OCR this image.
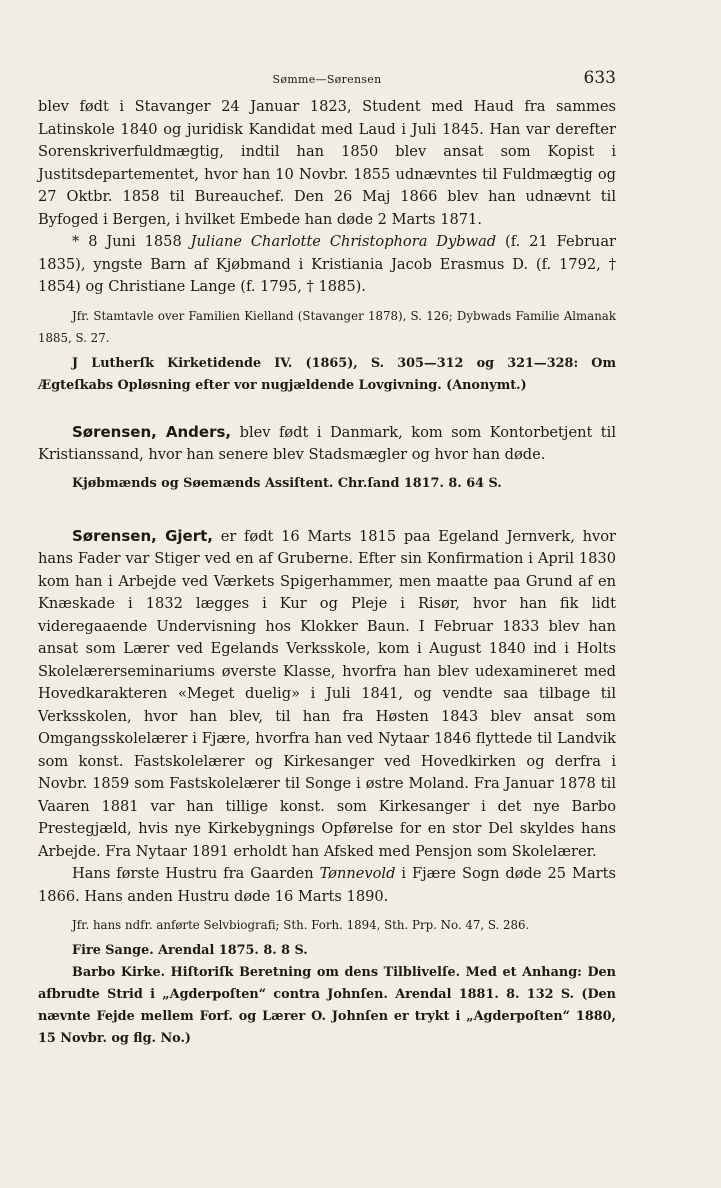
Sømme—Sørensen	633

blev født i Stavanger 24 Januar 1823, Student med Haud fra sammes Latinskole 1840 og juridisk Kandidat med Laud i Juli 1845. Han var derefter Sorenskriverfuldmægtig, indtil han 1850 blev ansat som Kopist i Justitsdepartementet, hvor han 10 Novbr. 1855 udnævntes til Fuldmægtig og 27 Oktbr. 1858 til Bureauchef. Den 26 Maj 1866 blev han udnævnt til Byfoged i Bergen, i hvilket Embede han døde 2 Marts 1871.

* 8 Juni 1858 Juliane Charlotte Christophora Dybwad (f. 21 Februar 1835), yngste Barn af Kjøbmand i Kristiania Jacob Erasmus D. (f. 1792, † 1854) og Christiane Lange (f. 1795, † 1885).

Jfr. Stamtavle over Familien Kielland (Stavanger 1878), S. 126; Dybwads Familie Almanak 1885, S. 27.

J Lutherſk Kirketidende IV. (1865), S. 305—312 og 321—328: Om Ægteſkabs Opløsning efter vor nugjældende Lovgivning. (Anonymt.)

Sørensen, Anders, blev født i Danmark, kom som Kontorbetjent til Kristianssand, hvor han senere blev Stadsmægler og hvor han døde.

Kjøbmænds og Søemænds Assiſtent. Chr.ſand 1817. 8. 64 S.

Sørensen, Gjert, er født 16 Marts 1815 paa Egeland Jernverk, hvor hans Fader var Stiger ved en af Gruberne. Efter sin Konfirmation i April 1830 kom han i Arbejde ved Værkets Spigerhammer, men maatte paa Grund af en Knæskade i 1832 lægges i Kur og Pleje i Risør, hvor han fik lidt videregaaende Undervisning hos Klokker Baun. I Februar 1833 blev han ansat som Lærer ved Egelands Verksskole, kom i August 1840 ind i Holts Skolelærerseminariums øverste Klasse, hvorfra han blev udexamineret med Hovedkarakteren «Meget duelig» i Juli 1841, og vendte saa tilbage til Verksskolen, hvor han blev, til han fra Høsten 1843 blev ansat som Omgangsskolelærer i Fjære, hvorfra han ved Nytaar 1846 flyttede til Landvik som konst. Fastskolelærer og Kirkesanger ved Hovedkirken og derfra i Novbr. 1859 som Fastskolelærer til Songe i østre Moland. Fra Januar 1878 til Vaaren 1881 var han tillige konst. som Kirkesanger i det nye Barbo Prestegjæld, hvis nye Kirkebygnings Opførelse for en stor Del skyldes hans Arbejde. Fra Nytaar 1891 erholdt han Afsked med Pensjon som Skolelærer.

Hans første Hustru fra Gaarden Tønnevold i Fjære Sogn døde 25 Marts 1866. Hans anden Hustru døde 16 Marts 1890.

Jfr. hans ndfr. anførte Selvbiografi; Sth. Forh. 1894, Sth. Prp. No. 47, S. 286.

Fire Sange. Arendal 1875. 8. 8 S.

Barbo Kirke. Hiſtoriſk Beretning om dens Tilblivelſe. Med et Anhang: Den afbrudte Strid i „Agderpoſten“ contra Johnſen. Arendal 1881. 8. 132 S. (Den nævnte Fejde mellem Forf. og Lærer O. Johnſen er trykt i „Agderpoſten“ 1880, 15 Novbr. og flg. No.)
